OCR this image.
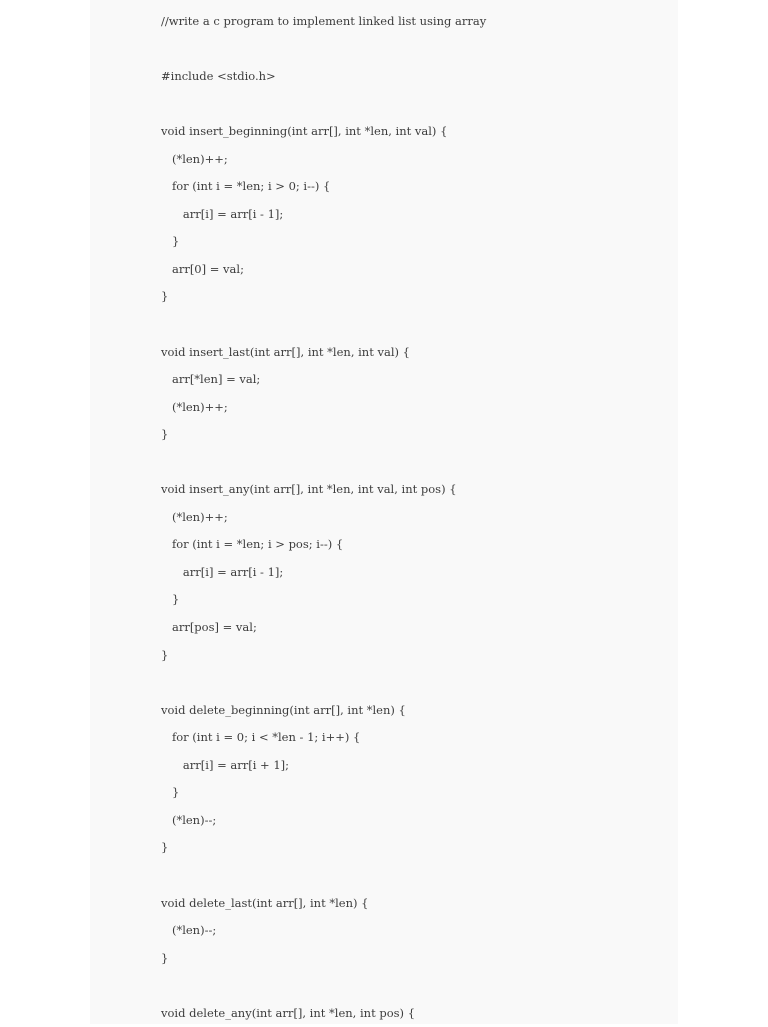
//write a c program to implement linked list using array
#include <stdio.h>
void insert_beginning(int arr[], int *len, int val) {
(*len)++;
for (int i = *len; i > 0; i--) {
arr[i] = arr[i - 1];
}
arr[0] = val;
}
void insert_last(int arr[], int *len, int val) {
arr[*len] = val;
(*len)++;
}
void insert_any(int arr[], int *len, int val, int pos) {
(*len)++;
for (int i = *len; i > pos; i--) {
arr[i] = arr[i - 1];
}
arr[pos] = val;
}
void delete_beginning(int arr[], int *len) {
for (int i = 0; i < *len - 1; i++) {
arr[i] = arr[i + 1];
}
(*len)--;
}
void delete_last(int arr[], int *len) {
(*len)--;
}
void delete_any(int arr[], int *len, int pos) {
